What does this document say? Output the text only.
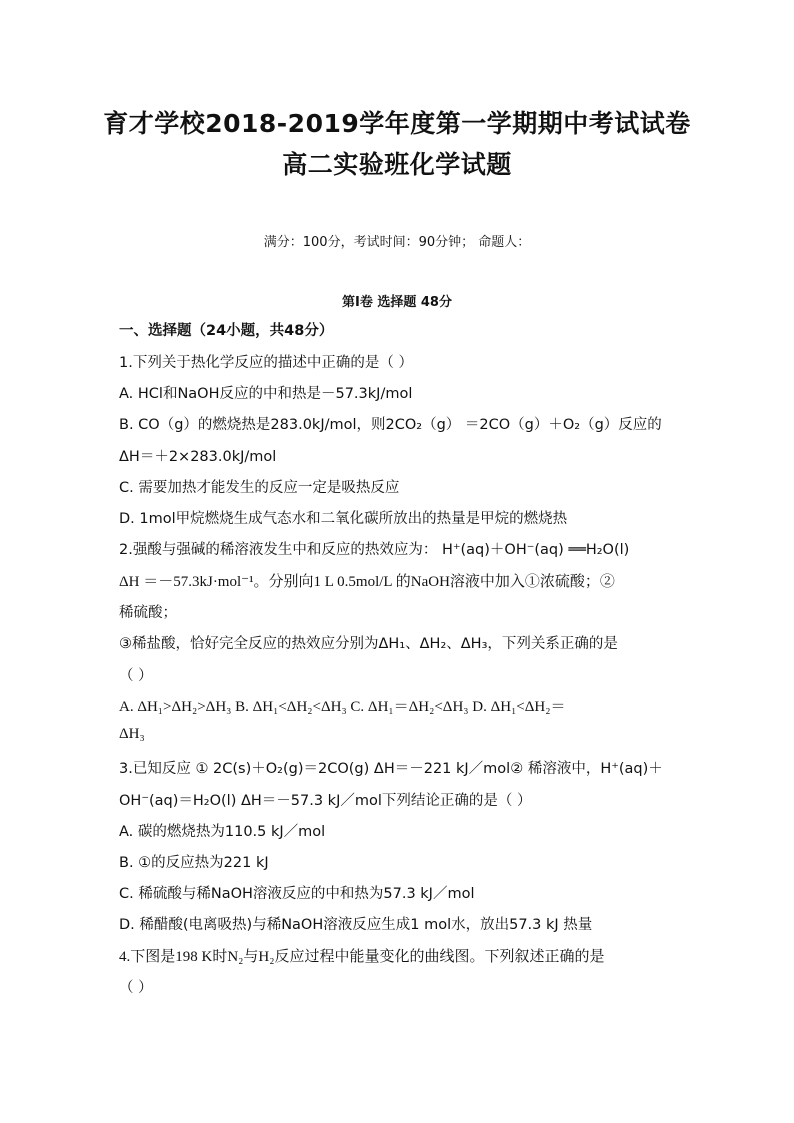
育才学校2018-2019学年度第一学期期中考试试卷
高二实验班化学试题
满分：100分，考试时间：90分钟； 命题人：
第Ⅰ卷 选择题 48分
一、选择题（24小题，共48分）
1.下列关于热化学反应的描述中正确的是（ ）
A. HCl和NaOH反应的中和热是－57.3kJ/mol
B. CO（g）的燃烧热是283.0kJ/mol，则2CO₂（g） ＝2CO（g）＋O₂（g）反应的
ΔH＝＋2×283.0kJ/mol
C. 需要加热才能发生的反应一定是吸热反应
D. 1mol甲烷燃烧生成气态水和二氧化碳所放出的热量是甲烷的燃烧热
2.强酸与强碱的稀溶液发生中和反应的热效应为： H⁺(aq)＋OH⁻(aq) ══H₂O(l)
ΔH ＝－57.3kJ·mol⁻¹。分别向1 L 0.5mol/L 的NaOH溶液中加入①浓硫酸；②
稀硫酸；
③稀盐酸，恰好完全反应的热效应分别为ΔH₁、ΔH₂、ΔH₃，下列关系正确的是
（ ）
A. ΔH₁>ΔH₂>ΔH₃ B. ΔH₁<ΔH₂<ΔH₃ C. ΔH₁＝ΔH₂<ΔH₃ D. ΔH₁<ΔH₂＝
ΔH₃
3.已知反应 ① 2C(s)＋O₂(g)＝2CO(g) ΔH＝－221 kJ／mol② 稀溶液中，H⁺(aq)＋
OH⁻(aq)＝H₂O(l) ΔH＝－57.3 kJ／mol下列结论正确的是（ ）
A. 碳的燃烧热为110.5 kJ／mol
B. ①的反应热为221 kJ
C. 稀硫酸与稀NaOH溶液反应的中和热为57.3 kJ／mol
D. 稀醋酸(电离吸热)与稀NaOH溶液反应生成1 mol水，放出57.3 kJ 热量
4.下图是198 K时N₂与H₂反应过程中能量变化的曲线图。下列叙述正确的是
（ ）
